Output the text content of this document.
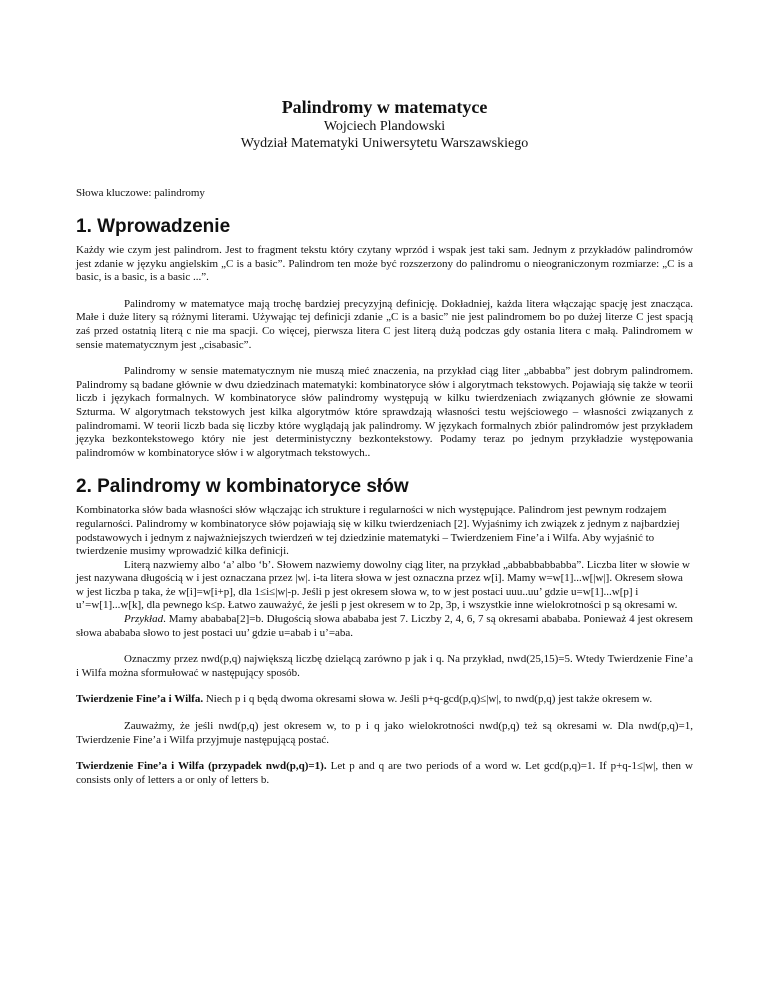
Palindromy w matematyce
Wojciech Plandowski
Wydział Matematyki Uniwersytetu Warszawskiego
Słowa kluczowe: palindromy
1. Wprowadzenie

Każdy wie czym jest palindrom. Jest to fragment tekstu który czytany wprzód i wspak jest taki sam. Jednym z przykładów palindromów jest zdanie w języku angielskim „C is a basic”. Palindrom ten może być rozszerzony do palindromu o nieograniczonym rozmiarze: „C is a basic, is a basic, is a basic ...”.

Palindromy w matematyce mają trochę bardziej precyzyjną definicję. Dokładniej, każda litera włączając spację jest znacząca. Małe i duże litery są różnymi literami. Używając tej definicji zdanie „C is a basic” nie jest palindromem bo po dużej literze C jest spacją zaś przed ostatnią literą c nie ma spacji. Co więcej, pierwsza litera C jest literą dużą podczas gdy ostania litera c małą. Palindromem w sensie matematycznym jest „cisabasic”.

Palindromy w sensie matematycznym nie muszą mieć znaczenia, na przykład ciąg liter „abbabba” jest dobrym palindromem. Palindromy są badane głównie w dwu dziedzinach matematyki: kombinatoryce słów i algorytmach tekstowych. Pojawiają się także w teorii liczb i językach formalnych. W kombinatoryce słów palindromy występują w kilku twierdzeniach związanych głównie ze słowami Szturma. W algorytmach tekstowych jest kilka algorytmów które sprawdzają własności testu wejściowego – własności związanych z palindromami. W teorii liczb bada się liczby które wyglądają jak palindromy. W językach formalnych zbiór palindromów jest przykładem języka bezkontekstowego który nie jest deterministyczny bezkontekstowy. Podamy teraz po jednym przykładzie występowania palindromów w kombinatoryce słów i w algorytmach tekstowych..

2. Palindromy w kombinatoryce słów

Kombinatorka słów bada własności słów włączając ich strukture i regularności w nich występujące. Palindrom jest pewnym rodzajem regularności. Palindromy w kombinatoryce słów pojawiają się w kilku twierdzeniach [2]. Wyjaśnimy ich związek z jednym z najbardziej podstawowych i jednym z najważniejszych twierdzeń w tej dziedzinie matematyki – Twierdzeniem Fine’a i Wilfa. Aby wyjaśnić to twierdzenie musimy wprowadzić kilka definicji.

Literą nazwiemy albo ‘a’ albo ‘b’. Słowem nazwiemy dowolny ciąg liter, na przykład „abbabbabbabba”. Liczba liter w słowie w jest nazywana długością w i jest oznaczana przez |w|. i-ta litera słowa w jest oznaczna przez w[i]. Mamy w=w[1]...w[|w|]. Okresem słowa w jest liczba p taka, że w[i]=w[i+p], dla 1≤i≤|w|-p. Jeśli p jest okresem słowa w, to w jest postaci uuu..uu’ gdzie u=w[1]...w[p] i u’=w[1]...w[k], dla pewnego k≤p. Łatwo zauważyć, że jeśli p jest okresem w to 2p, 3p, i wszystkie inne wielokrotności p są okresami w.

Przykład. Mamy abababa[2]=b. Długością słowa abababa jest 7. Liczby 2, 4, 6, 7 są okresami abababa. Ponieważ 4 jest okresem słowa abababa słowo to jest postaci uu’ gdzie u=abab i u’=aba.

Oznaczmy przez nwd(p,q) największą liczbę dzielącą zarówno p jak i q. Na przykład, nwd(25,15)=5. Wtedy Twierdzenie Fine’a i Wilfa można sformułować w następujący sposób.

Twierdzenie Fine’a i Wilfa. Niech p i q będą dwoma okresami słowa w. Jeśli p+q-gcd(p,q)≤|w|, to nwd(p,q) jest także okresem w.

Zauważmy, że jeśli nwd(p,q) jest okresem w, to p i q jako wielokrotności nwd(p,q) też są okresami w. Dla nwd(p,q)=1, Twierdzenie Fine’a i Wilfa przyjmuje następującą postać.

Twierdzenie Fine’a i Wilfa (przypadek nwd(p,q)=1). Let p and q are two periods of a word w. Let gcd(p,q)=1. If p+q-1≤|w|, then w consists only of letters a or only of letters b.
